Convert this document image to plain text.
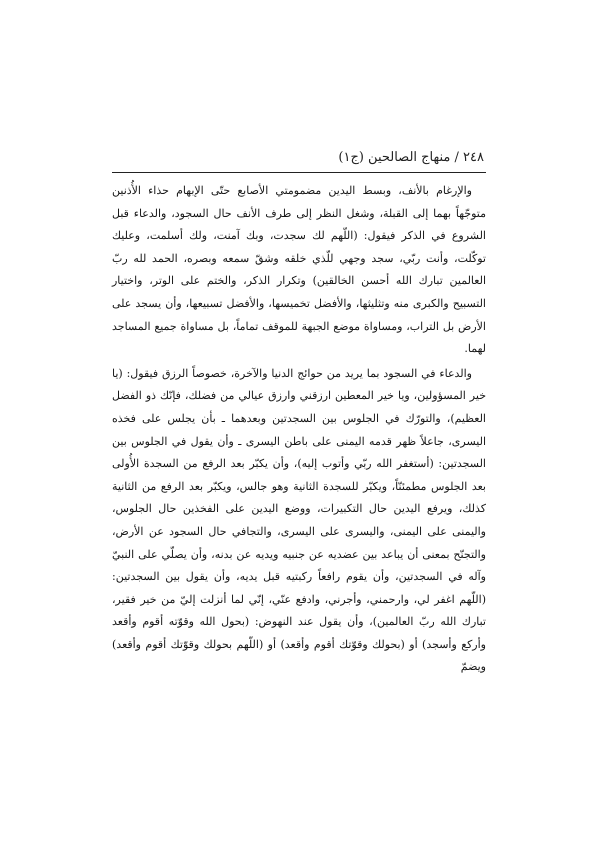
٢٤٨ / منهاج الصالحين (ج١)

والإرغام بالأنف، وبسط اليدين مضمومتي الأصابع حتّى الإبهام حذاء الأُذنين متوجّهاً بهما إلى القبلة، وشغل النظر إلى طرف الأنف حال السجود، والدعاء قبل الشروع في الذكر فيقول: (اللّهم لك سجدت، وبك آمنت، ولك أسلمت، وعليك توكّلت، وأنت ربّي، سجد وجهي للّذي خلقه وشقّ سمعه وبصره، الحمد لله ربّ العالمين تبارك الله أحسن الخالقين) وتكرار الذكر، والختم على الوتر، واختيار التسبيح والكبرى منه وتثليثها، والأفضل تخميسها، والأفضل تسبيعها، وأن يسجد على الأرض بل التراب، ومساواة موضع الجبهة للموقف تماماً، بل مساواة جميع المساجد لهما.

والدعاء في السجود بما يريد من حوائج الدنيا والآخرة، خصوصاً الرزق فيقول: (يا خير المسؤولين، ويا خير المعطين ارزقني وارزق عيالي من فضلك، فإنّك ذو الفضل العظيم)، والتورّك في الجلوس بين السجدتين وبعدهما ـ بأن يجلس على فخذه اليسرى، جاعلاً ظهر قدمه اليمنى على باطن اليسرى ـ وأن يقول في الجلوس بين السجدتين: (أستغفر الله ربّي وأتوب إليه)، وأن يكبّر بعد الرفع من السجدة الأُولى بعد الجلوس مطمئنّاً، ويكبّر للسجدة الثانية وهو جالس، ويكبّر بعد الرفع من الثانية كذلك، ويرفع اليدين حال التكبيرات، ووضع اليدين على الفخذين حال الجلوس، واليمنى على اليمنى، واليسرى على اليسرى، والتجافي حال السجود عن الأرض، والتجنّح بمعنى أن يباعد بين عضديه عن جنبيه ويديه عن بدنه، وأن يصلّي على النبيّ وآله في السجدتين، وأن يقوم رافعاً ركبتيه قبل يديه، وأن يقول بين السجدتين: (اللّهم اغفر لي، وارحمني، وأجرني، وادفع عنّي، إنّي لما أنزلت إليّ من خير فقير، تبارك الله ربّ العالمين)، وأن يقول عند النهوض: (بحول الله وقوّته أقوم وأقعد وأركع وأسجد) أو (بحولك وقوّتك أقوم وأقعد) أو (اللّهم بحولك وقوّتك أقوم وأقعد) ويضمّ
